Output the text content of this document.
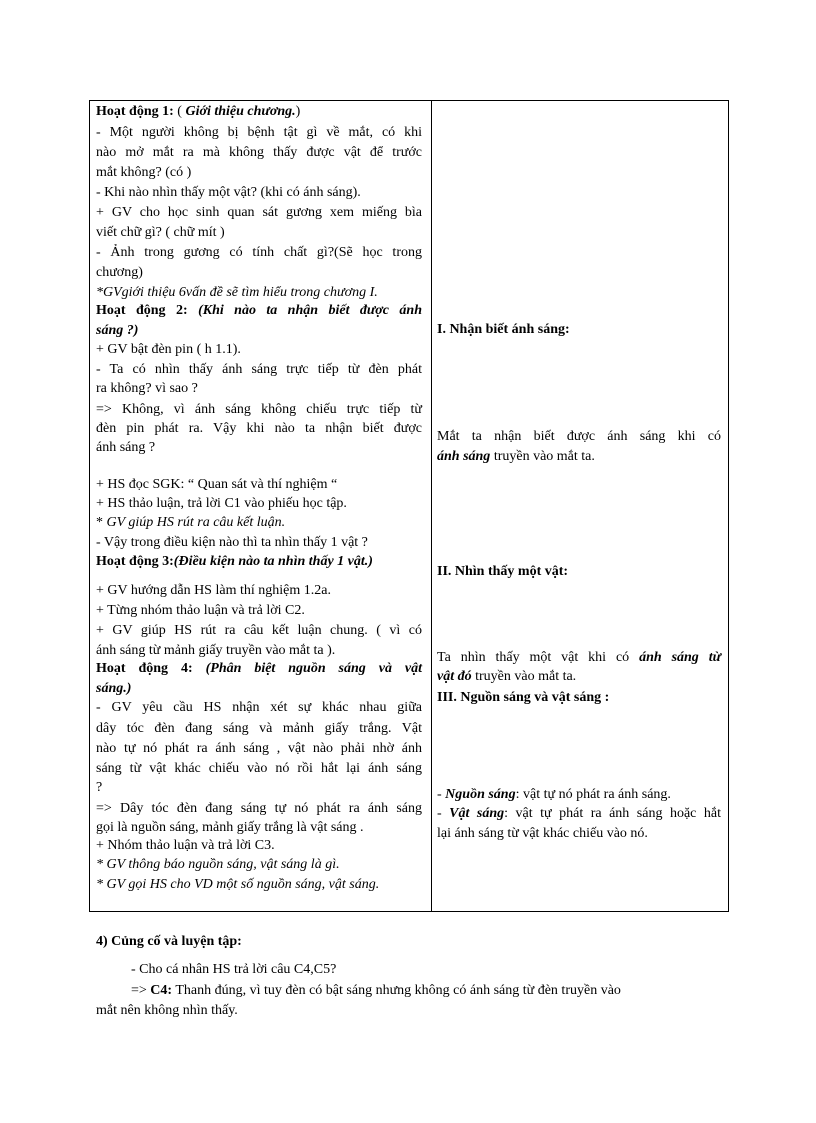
Hoạt động 1: ( Giới thiệu chương.)
- Một người không bị bệnh tật gì về mắt, có khi
nào mở mắt ra mà không thấy được vật để trước
mắt không? (có )
- Khi nào nhìn thấy một vật? (khi có ánh sáng).
+ GV cho học sinh quan sát gương xem miếng bìa
viết chữ gì? ( chữ mít )
- Ảnh trong gương có tính chất gì?(Sẽ học trong
chương)
*GVgiới thiệu 6vấn đề sẽ tìm hiểu trong chương I.
Hoạt động 2: (Khi nào ta nhận biết được ánh
sáng ?)
+ GV bật đèn pin ( h 1.1).
- Ta có nhìn thấy ánh sáng trực tiếp từ đèn phát
ra không? vì sao ?
=> Không, vì ánh sáng không chiếu trực tiếp từ
đèn pin phát ra. Vậy khi nào ta nhận biết được
ánh sáng ?
+ HS đọc SGK: “ Quan sát và thí nghiệm “
+ HS thảo luận, trả lời C1 vào phiếu học tập.
* GV giúp HS rút ra câu kết luận.
- Vậy trong điều kiện nào thì ta nhìn thấy 1 vật ?
Hoạt động 3:(Điều kiện nào ta nhìn thấy 1 vật.)
+ GV hướng dẫn HS làm thí nghiệm 1.2a.
+ Từng nhóm thảo luận và trả lời C2.
+ GV giúp HS rút ra câu kết luận chung. ( vì có
ánh sáng từ mảnh giấy truyền vào mắt ta ).
Hoạt động 4: (Phân biệt nguồn sáng và vật
sáng.)
- GV yêu cầu HS nhận xét sự khác nhau giữa
dây tóc đèn đang sáng và mảnh giấy trắng. Vật
nào tự nó phát ra ánh sáng , vật nào phải nhờ ánh
sáng từ vật khác chiếu vào nó rồi hắt lại ánh sáng
?
=> Dây tóc đèn đang sáng tự nó phát ra ánh sáng
gọi là nguồn sáng, mảnh giấy trắng là vật sáng .
+ Nhóm thảo luận và trả lời C3.
* GV thông báo nguồn sáng, vật sáng là gì.
* GV gọi HS cho VD một số nguồn sáng, vật sáng.
I. Nhận biết ánh sáng:
Mắt ta nhận biết được ánh sáng khi có
ánh sáng truyền vào mắt ta.
II. Nhìn thấy một vật:
Ta nhìn thấy một vật khi có ánh sáng từ
vật đó truyền vào mắt ta.
III. Nguồn sáng và vật sáng :
- Nguồn sáng: vật tự nó phát ra ánh sáng.
- Vật sáng: vật tự phát ra ánh sáng hoặc hắt
lại ánh sáng từ vật khác chiếu vào nó.
4) Củng cố và luyện tập:
- Cho cá nhân HS trả lời câu C4,C5?
=> C4: Thanh đúng, vì tuy đèn có bật sáng nhưng không có ánh sáng từ đèn truyền vào
mắt nên không nhìn thấy.
